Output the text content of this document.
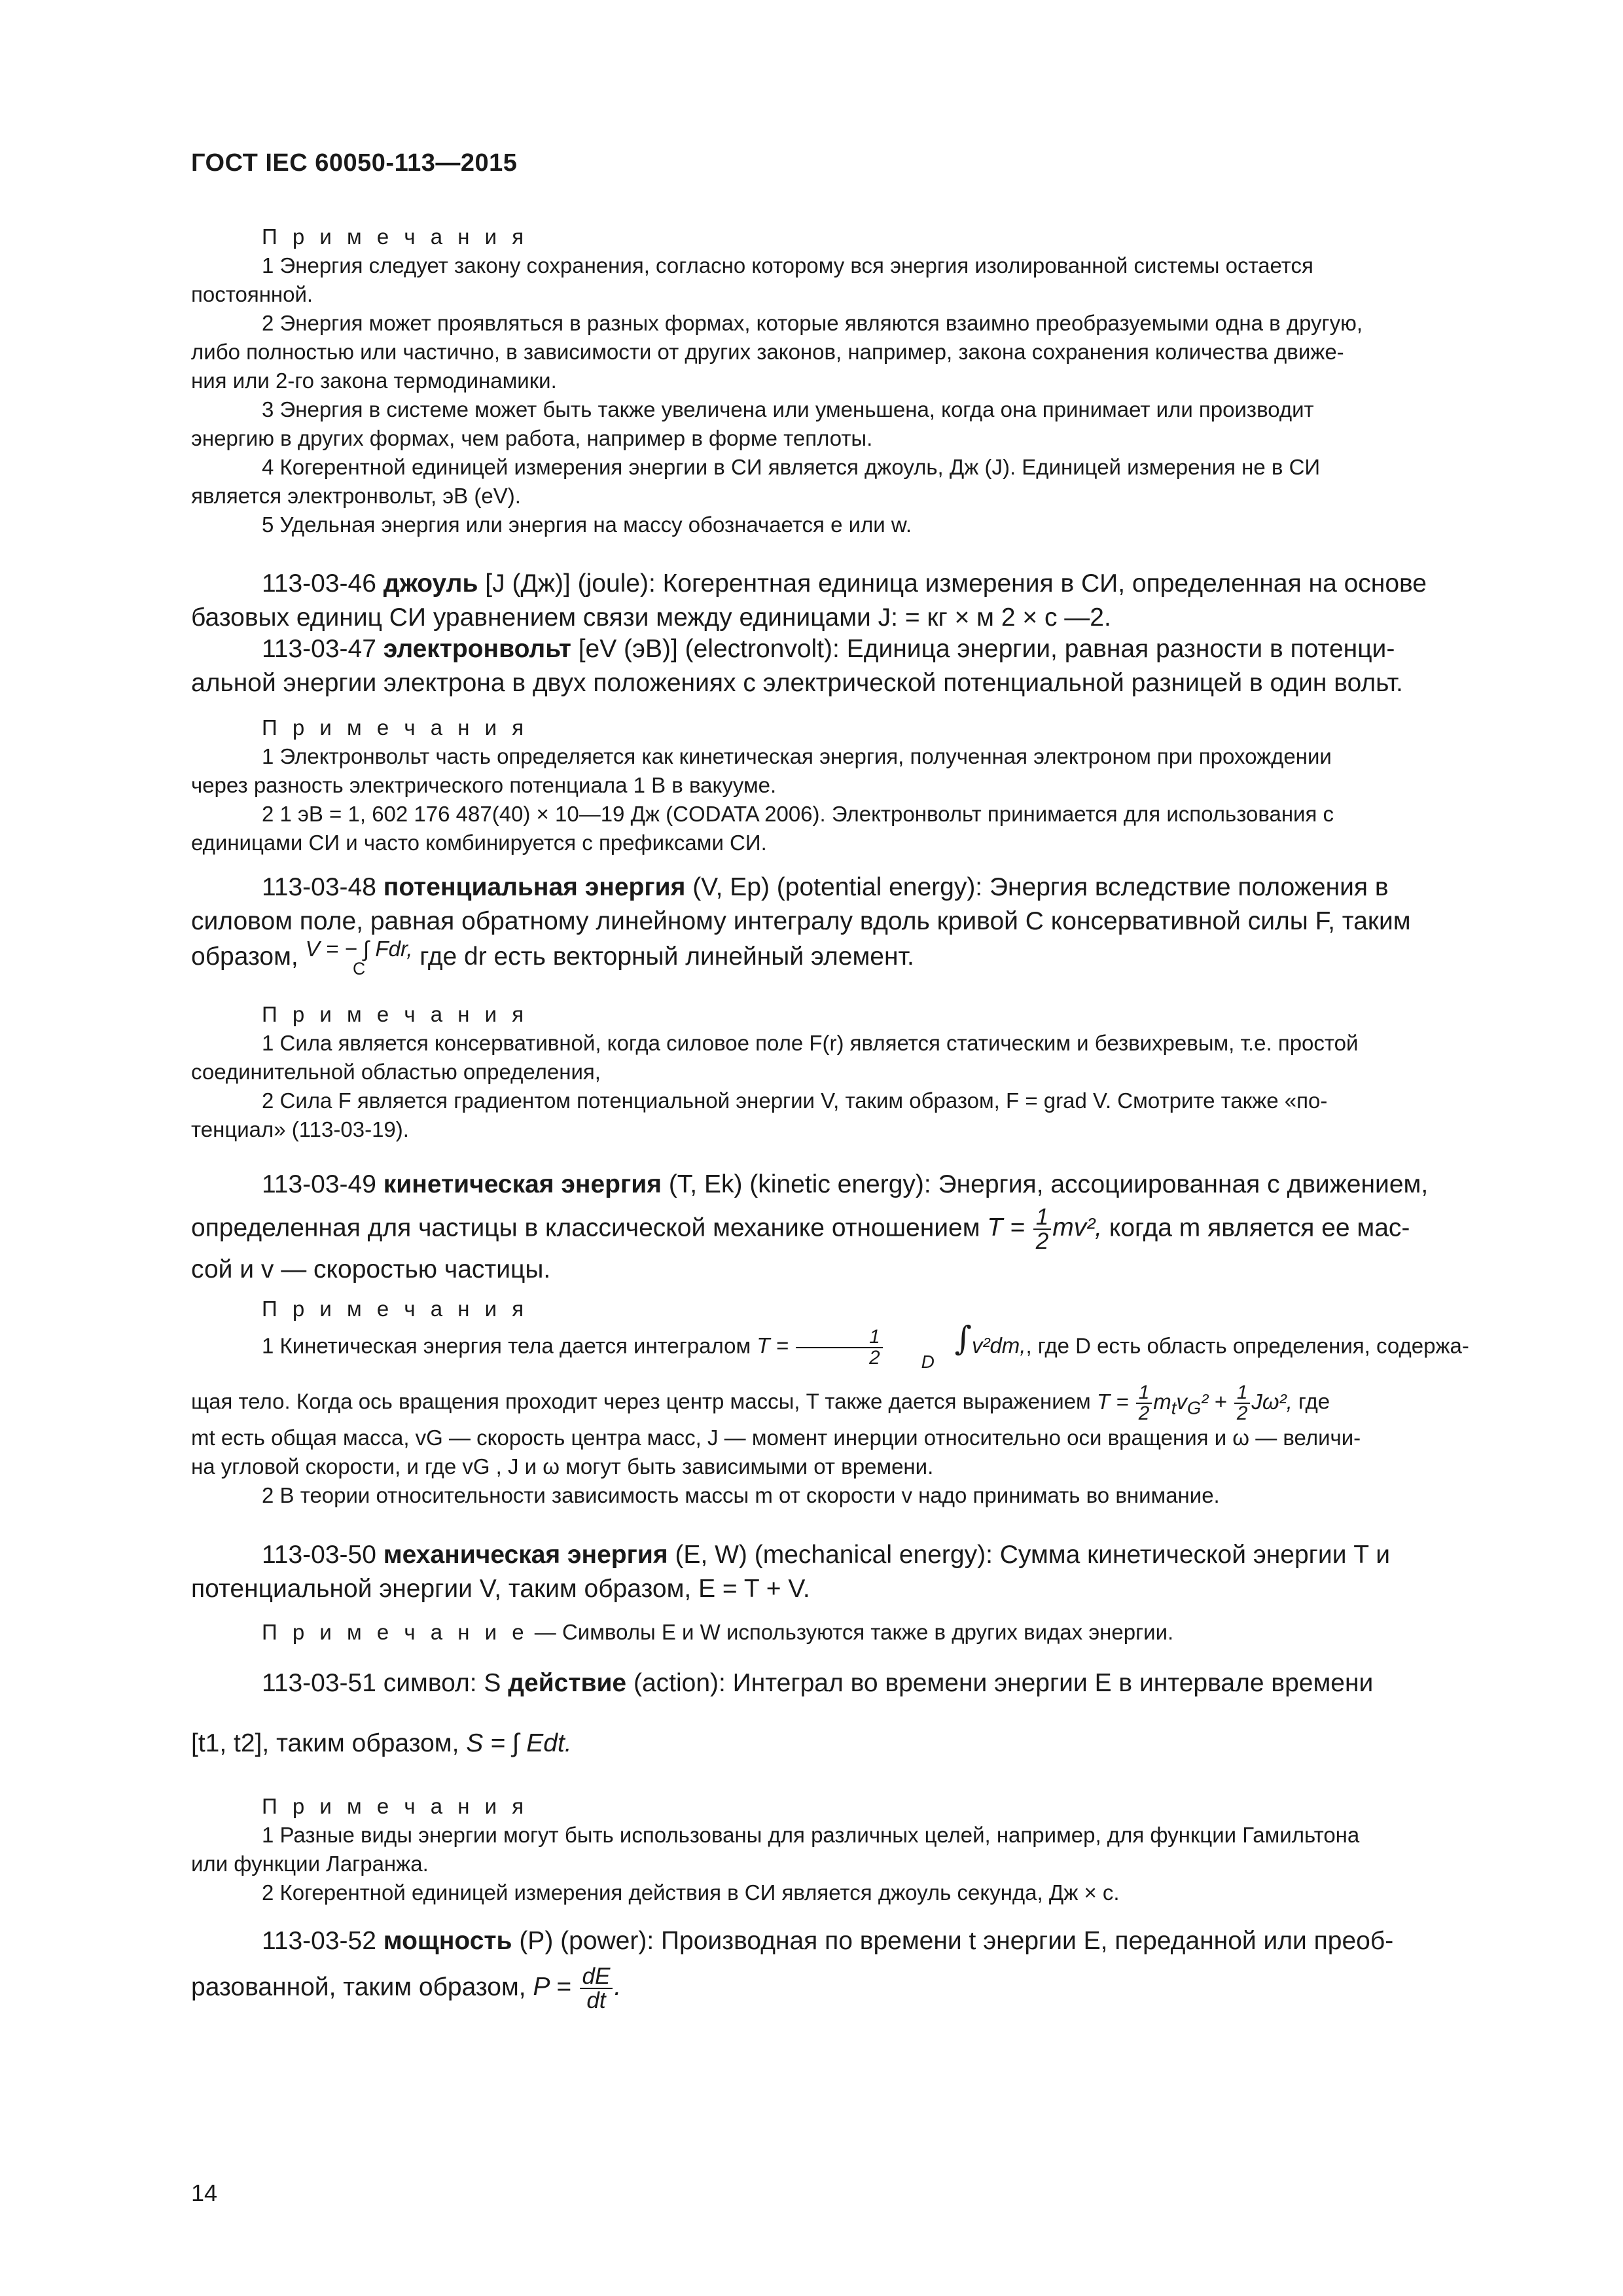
ГОСТ IEC 60050-113—2015
П р и м е ч а н и я

1 Энергия следует закону сохранения, согласно которому вся энергия изолированной системы остается

постоянной.

2 Энергия может проявляться в разных формах, которые являются взаимно преобразуемыми одна в другую,

либо полностью или частично, в зависимости от других законов, например, закона сохранения количества движе-

ния или 2-го закона термодинамики.

3 Энергия в системе может быть также увеличена или уменьшена, когда она принимает или производит

энергию в других формах, чем работа, например в форме теплоты.

4 Когерентной единицей измерения энергии в СИ является джоуль, Дж (J). Единицей измерения не в СИ

является электронвольт, эВ (eV).

5 Удельная энергия или энергия на массу обозначается e или w.

113-03-46 джоуль [J (Дж)] (joule): Когерентная единица измерения в СИ, определенная на основе

базовых единиц СИ уравнением связи между единицами J: = кг × м 2 × с —2.

113-03-47 электронвольт [eV (эВ)] (electronvolt): Единица энергии, равная разности в потенци-

альной энергии электрона в двух положениях с электрической потенциальной разницей в один вольт.
П р и м е ч а н и я

1 Электронвольт часть определяется как кинетическая энергия, полученная электроном при прохождении

через разность электрического потенциала 1 В в вакууме.

2 1 эВ = 1, 602 176 487(40) × 10—19 Дж (CODATA 2006). Электронвольт принимается для использования с

единицами СИ и часто комбинируется с префиксами СИ.

113-03-48 потенциальная энергия (V, Ep) (potential energy): Энергия вследствие положения в

силовом поле, равная обратному линейному интегралу вдоль кривой C консервативной силы F, таким
образом, V = − ∫ Fdr,
C	где dr есть векторный линейный элемент.
П р и м е ч а н и я

1 Сила является консервативной, когда силовое поле F(r) является статическим и безвихревым, т.е. простой

соединительной областью определения,

2 Сила F является градиентом потенциальной энергии V, таким образом, F = grad V. Смотрите также «по-

тенциал» (113-03-19).

113-03-49 кинетическая энергия (T, Ek) (kinetic energy): Энергия, ассоциированная с движением,

определенная для частицы в классической механике отношением $T = \frac{1}{2} mv^2$, когда m является ее мас-
сой и v — скоростью частицы.
П р и м е ч а н и я

1 Кинетическая энергия тела дается интегралом $T = \frac{1}{2}$	∫
Dv²dm,, где D есть область определения, содержа-

щая тело. Когда ось вращения проходит через центр массы, T также дается выражением $T = \frac{1}{2} m_tv_G^2 + \frac{1}{2} J\omega^2$, где

mt есть общая масса, vG — скорость центра масс, J — момент инерции относительно оси вращения и ω — величи-

на угловой скорости, и где vG , J и ω могут быть зависимыми от времени.

2 В теории относительности зависимость массы m от скорости v надо принимать во внимание.

113-03-50 механическая энергия (E, W) (mechanical energy): Сумма кинетической энергии T и

потенциальной энергии V, таким образом, E = T + V.

П р и м е ч а н и е — Символы E и W используются также в других видах энергии.

113-03-51 символ: S действие (action): Интеграл во времени энергии E в интервале времени

[t1, t2], таким образом, S = ∫ Edt.
П р и м е ч а н и я

1 Разные виды энергии могут быть использованы для различных целей, например, для функции Гамильтона

или функции Лагранжа.

2 Когерентной единицей измерения действия в СИ является джоуль секунда, Дж × с.

113-03-52 мощность (P) (power): Производная по времени t энергии E, переданной или преоб-

разованной, таким образом, $P = \frac{dE}{dt}$ .
14
